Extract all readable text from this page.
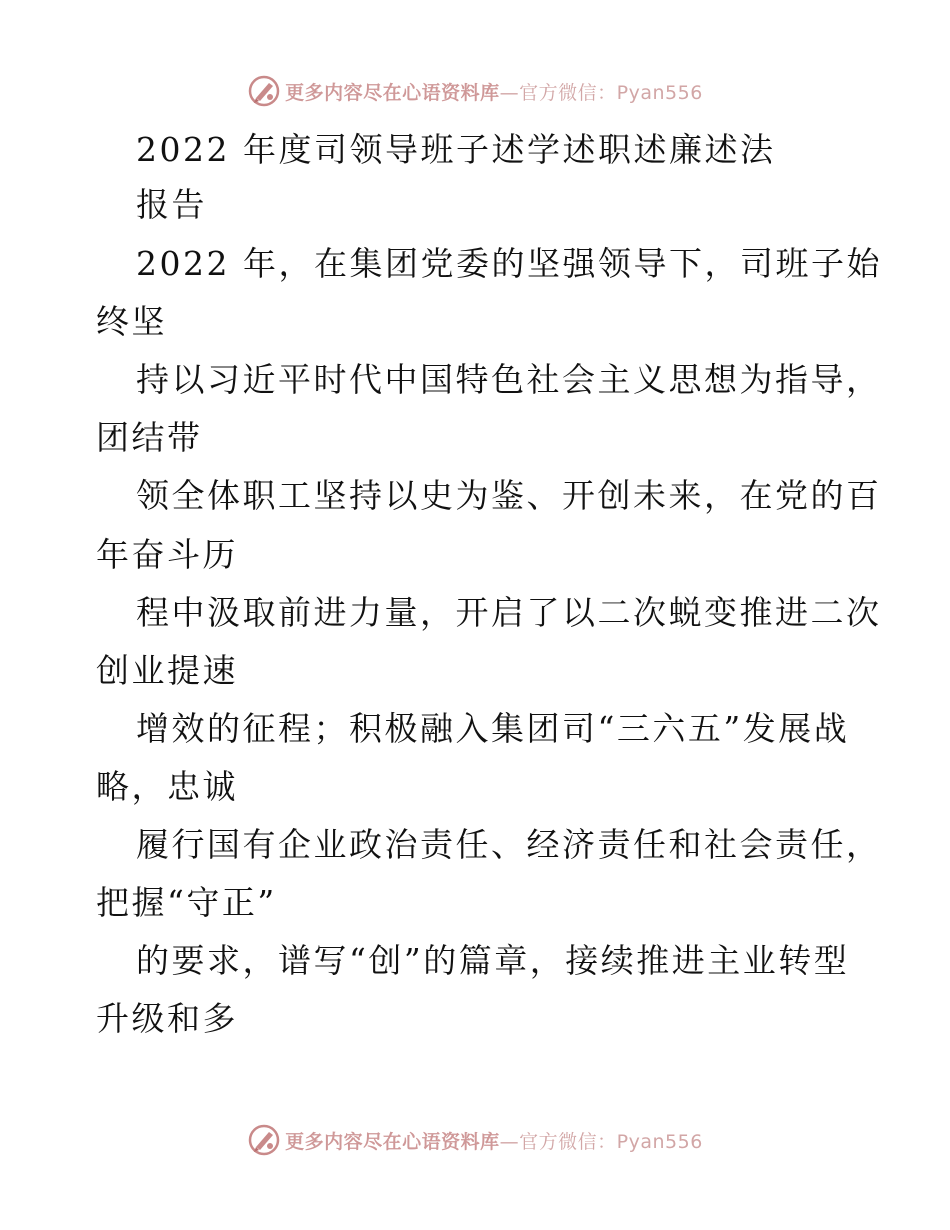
更多内容尽在心语资料库—官方微信：Pyan556
2022 年度司领导班子述学述职述廉述法
报告
2022 年，在集团党委的坚强领导下，司班子始
终坚
持以习近平时代中国特色社会主义思想为指导，
团结带
领全体职工坚持以史为鉴、开创未来，在党的百
年奋斗历
程中汲取前进力量，开启了以二次蜕变推进二次
创业提速
增效的征程；积极融入集团司“三六五”发展战
略，忠诚
履行国有企业政治责任、经济责任和社会责任，
把握“守正”
的要求，谱写“创”的篇章，接续推进主业转型
升级和多
更多内容尽在心语资料库—官方微信：Pyan556
